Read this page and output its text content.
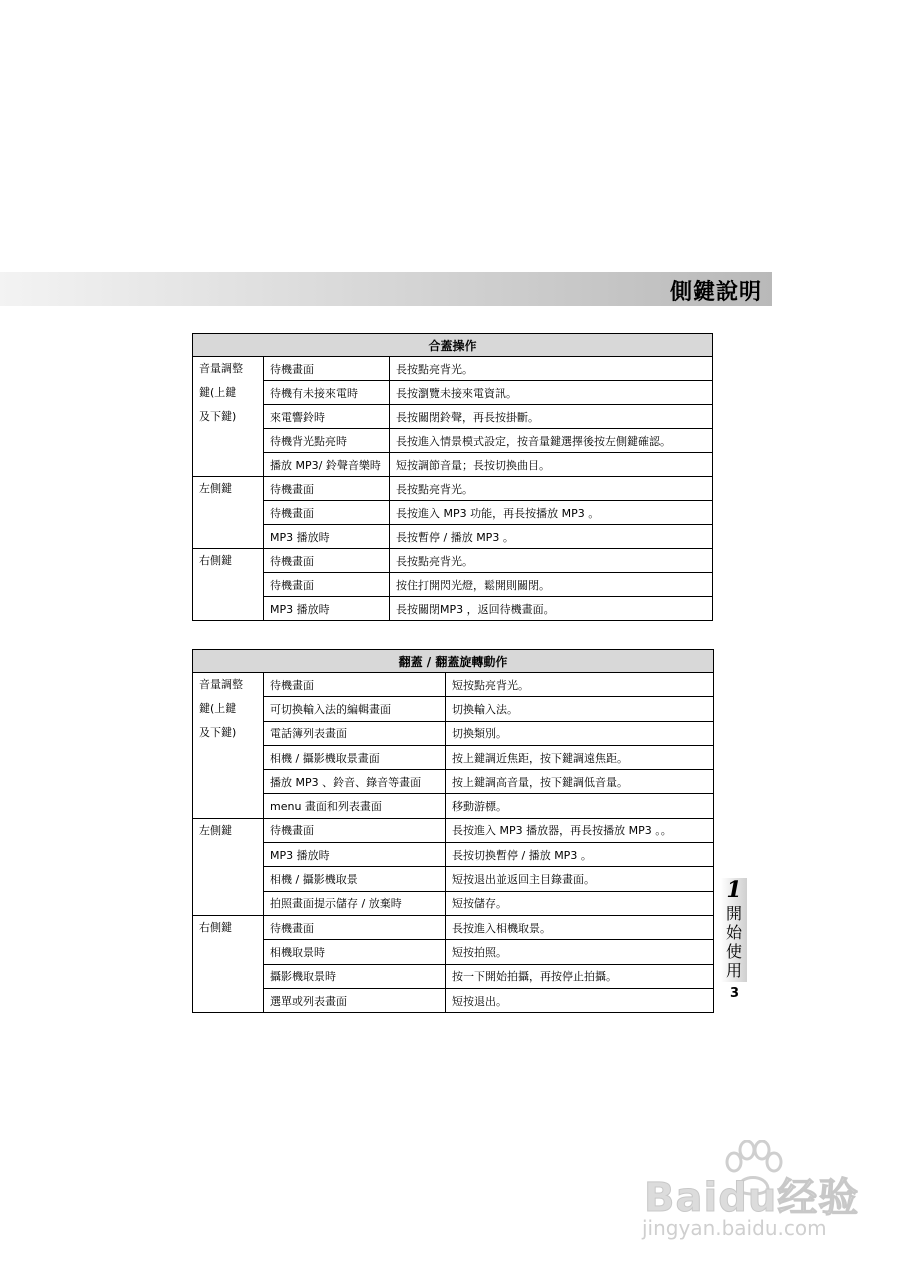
側鍵說明
合蓋操作		

音量調整
鍵(上鍵
及下鍵)	待機畫面	長按點亮背光。
	待機有未接來電時	長按瀏覽未接來電資訊。
	來電響鈴時	長按關閉鈴聲，再長按掛斷。
	待機背光點亮時	長按進入情景模式設定，按音量鍵選擇後按左側鍵確認。
	播放 MP3/ 鈴聲音樂時	短按調節音量；長按切換曲目。

左側鍵	待機畫面	長按點亮背光。
	待機畫面	長按進入 MP3 功能，再長按播放 MP3 。
	MP3 播放時	長按暫停 / 播放 MP3 。

右側鍵	待機畫面	長按點亮背光。
	待機畫面	按住打開閃光燈，鬆開則關閉。
	MP3 播放時	長按關閉MP3 ，返回待機畫面。
翻蓋 / 翻蓋旋轉動作		

音量調整
鍵(上鍵
及下鍵)	待機畫面	短按點亮背光。
	可切換輸入法的編輯畫面	切換輸入法。
	電話簿列表畫面	切換類別。
	相機 / 攝影機取景畫面	按上鍵調近焦距，按下鍵調遠焦距。
	播放 MP3 、鈴音、錄音等畫面	按上鍵調高音量，按下鍵調低音量。
	menu 畫面和列表畫面	移動游標。

左側鍵	待機畫面	長按進入 MP3 播放器，再長按播放 MP3 。。
	MP3 播放時	長按切換暫停 / 播放 MP3 。
	相機 / 攝影機取景	短按退出並返回主目錄畫面。
	拍照畫面提示儲存 / 放棄時	短按儲存。

右側鍵	待機畫面	長按進入相機取景。
	相機取景時	短按拍照。
	攝影機取景時	按一下開始拍攝，再按停止拍攝。
	選單或列表畫面	短按退出。
1
開始使用
3
Baidu经验
jingyan.baidu.com
